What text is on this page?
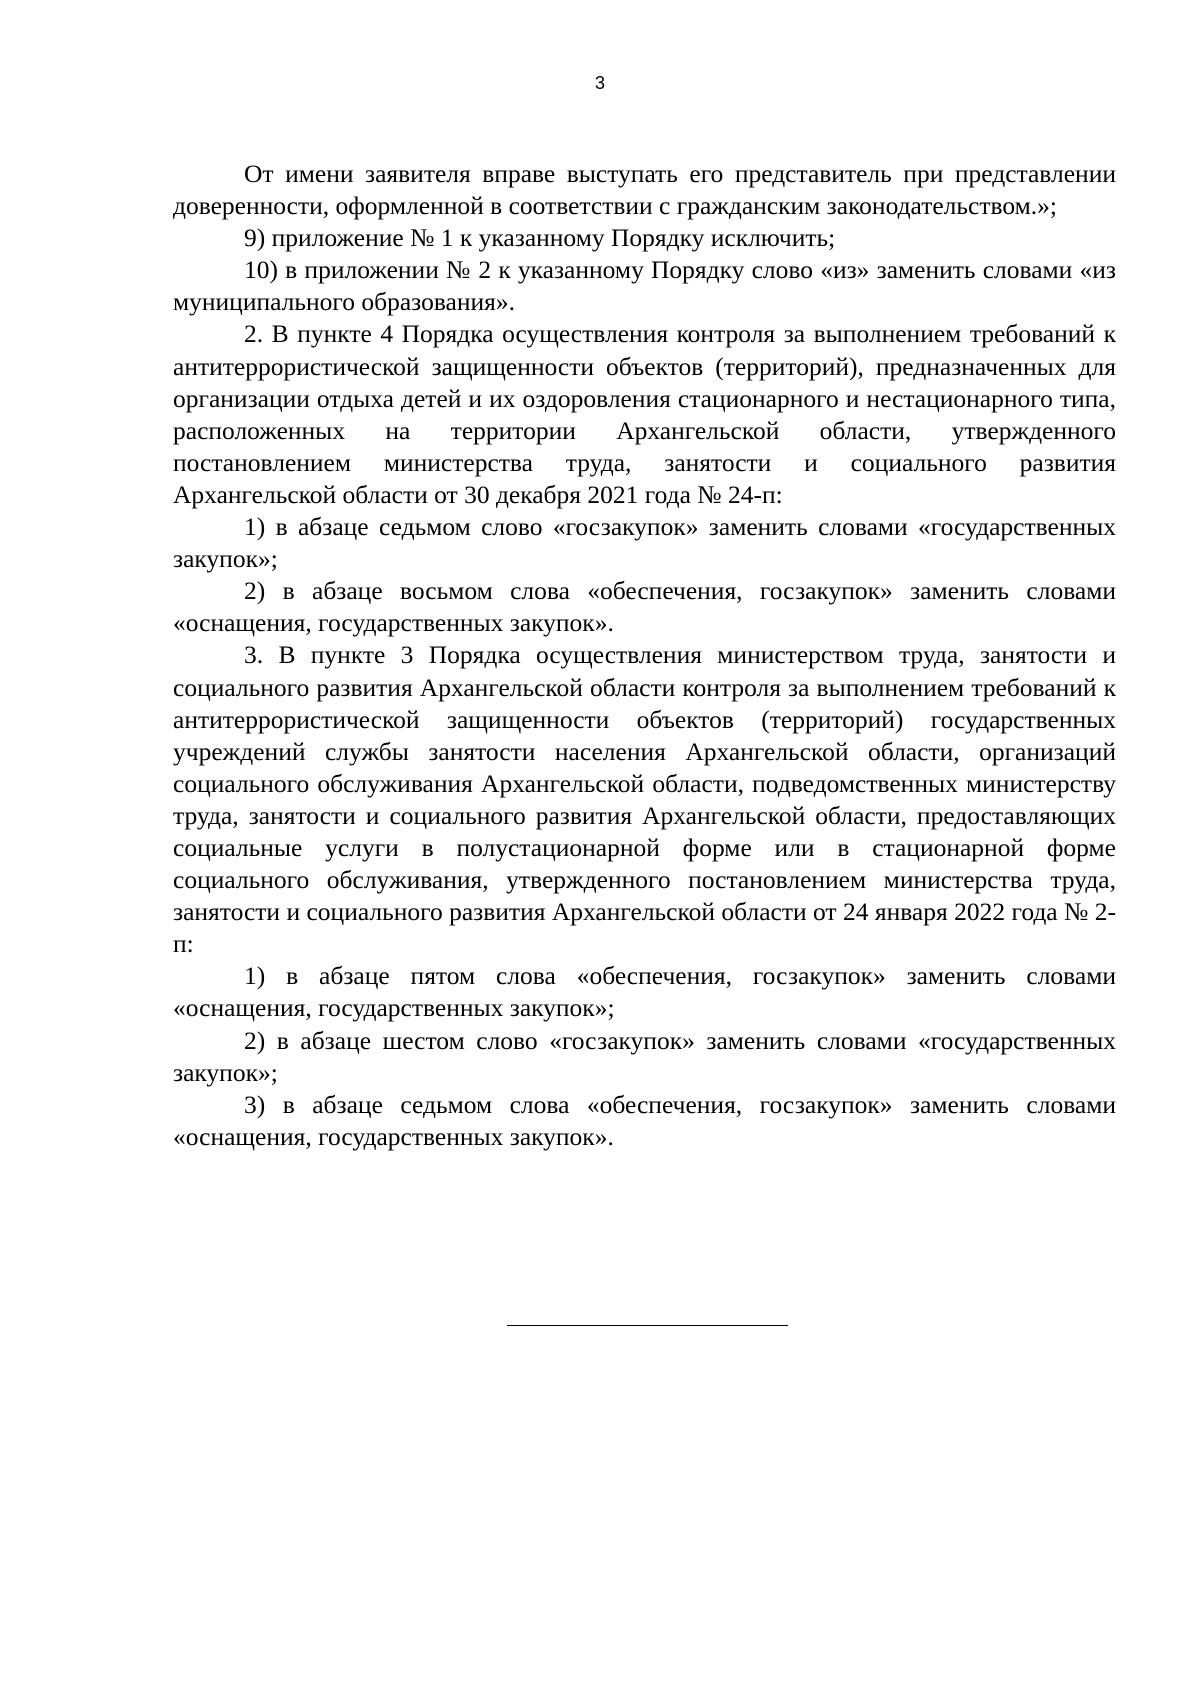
3

От имени заявителя вправе выступать его представитель при представлении доверенности, оформленной в соответствии с гражданским законодательством.»;

9) приложение № 1 к указанному Порядку исключить;

10) в приложении № 2 к указанному Порядку слово «из» заменить словами «из муниципального образования».

2. В пункте 4 Порядка осуществления контроля за выполнением требований к антитеррористической защищенности объектов (территорий), предназначенных для организации отдыха детей и их оздоровления стационарного и нестационарного типа, расположенных на территории Архангельской области, утвержденного постановлением министерства труда, занятости и социального развития Архангельской области от 30 декабря 2021 года № 24-п:

1) в абзаце седьмом слово «госзакупок» заменить словами «государственных закупок»;

2) в абзаце восьмом слова «обеспечения, госзакупок» заменить словами «оснащения, государственных закупок».

3. В пункте 3 Порядка осуществления министерством труда, занятости и социального развития Архангельской области контроля за выполнением требований к антитеррористической защищенности объектов (территорий) государственных учреждений службы занятости населения Архангельской области, организаций социального обслуживания Архангельской области, подведомственных министерству труда, занятости и социального развития Архангельской области, предоставляющих социальные услуги в полустационарной форме или в стационарной форме социального обслуживания, утвержденного постановлением министерства труда, занятости и социального развития Архангельской области от 24 января 2022 года № 2-п:

1) в абзаце пятом слова «обеспечения, госзакупок» заменить словами «оснащения, государственных закупок»;

2) в абзаце шестом слово «госзакупок» заменить словами «государственных закупок»;

3) в абзаце седьмом слова «обеспечения, госзакупок» заменить словами «оснащения, государственных закупок».
